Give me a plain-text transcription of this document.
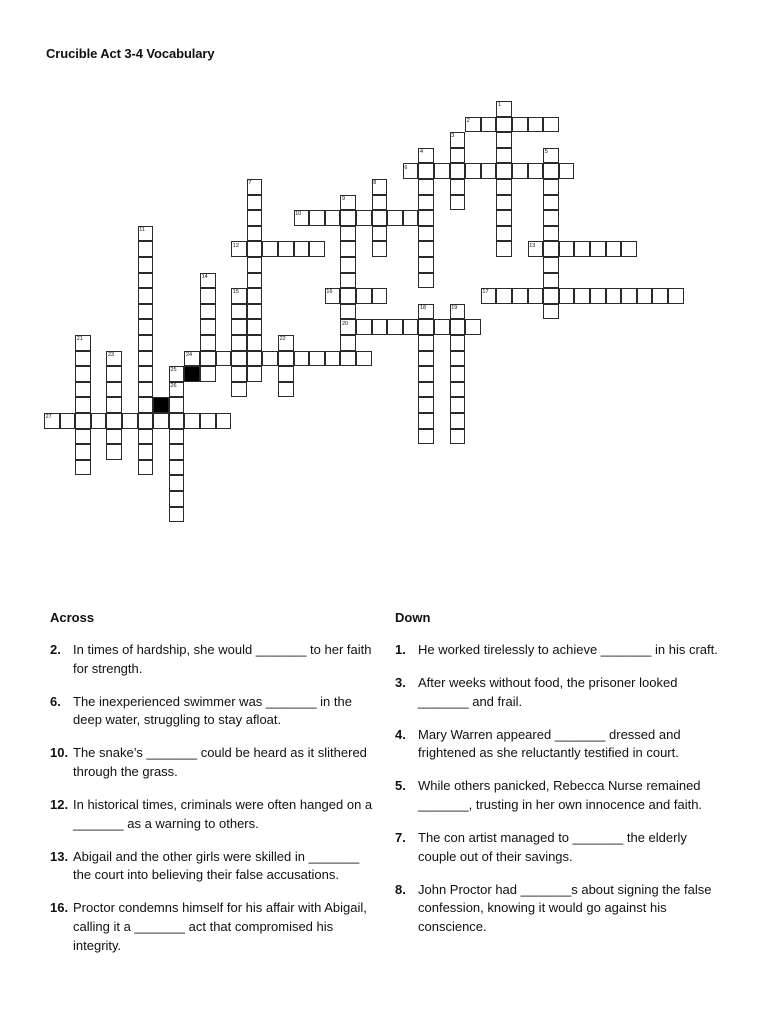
Crucible Act 3-4 Vocabulary
1
2
3
4	5
6
7	8
9
10
11
12	13
14
15	16	17
18	19
20
21	22
23	24
25
26
27
Across
2. In times of hardship, she would _______ to her faith for strength.
6. The inexperienced swimmer was _______ in the deep water, struggling to stay afloat.
10. The snake’s _______ could be heard as it slithered through the grass.
12. In historical times, criminals were often hanged on a _______ as a warning to others.
13. Abigail and the other girls were skilled in _______ the court into believing their false accusations.
16. Proctor condemns himself for his affair with Abigail, calling it a _______ act that compromised his integrity.
Down
1. He worked tirelessly to achieve _______ in his craft.
3. After weeks without food, the prisoner looked _______ and frail.
4. Mary Warren appeared _______ dressed and frightened as she reluctantly testified in court.
5. While others panicked, Rebecca Nurse remained _______, trusting in her own innocence and faith.
7. The con artist managed to _______ the elderly couple out of their savings.
8. John Proctor had _______s about signing the false confession, knowing it would go against his conscience.
